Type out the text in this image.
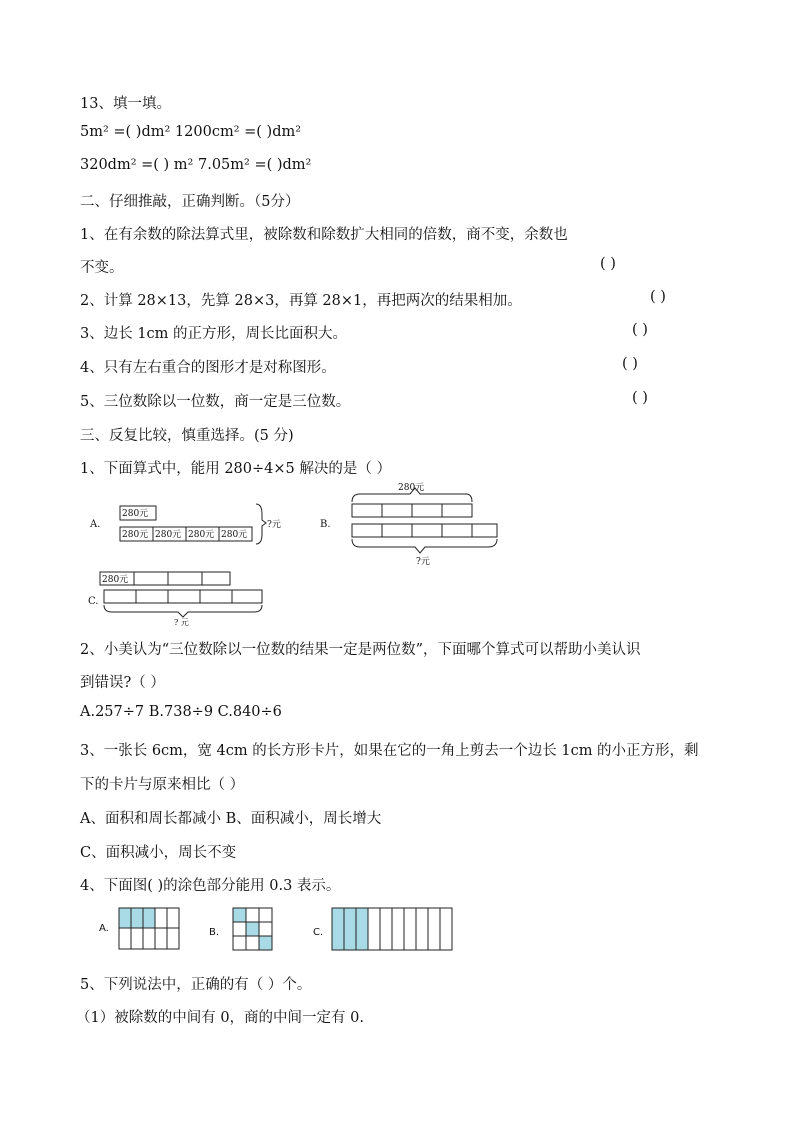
13、填一填。
5m² =( )dm² 1200cm² =( )dm²
320dm² =( ) m² 7.05m² =( )dm²
二、仔细推敲，正确判断。（5分）
1、在有余数的除法算式里，被除数和除数扩大相同的倍数，商不变，余数也
不变。	( )
2、计算 28×13，先算 28×3，再算 28×1，再把两次的结果相加。	( )
3、边长 1cm 的正方形，周长比面积大。	( )
4、只有左右重合的图形才是对称图形。	( )
5、三位数除以一位数，商一定是三位数。	( )
三、反复比较，慎重选择。(5 分)
1、下面算式中，能用 280÷4×5 解决的是（ ）
A.
280元
280元 280元 280元 280元
?元	B.
280元
?元
C.
280元
? 元
2、小美认为“三位数除以一位数的结果一定是两位数”，下面哪个算式可以帮助小美认识
到错误?（ ）
A.257÷7 B.738÷9 C.840÷6
3、一张长 6cm，宽 4cm 的长方形卡片，如果在它的一角上剪去一个边长 1cm 的小正方形，剩
下的卡片与原来相比（ ）
A、面积和周长都减小 B、面积减小，周长增大
C、面积减小，周长不变
4、下面图( )的涂色部分能用 0.3 表示。
A.	B.	C.
5、下列说法中，正确的有（ ）个。
（1）被除数的中间有 0，商的中间一定有 0.
